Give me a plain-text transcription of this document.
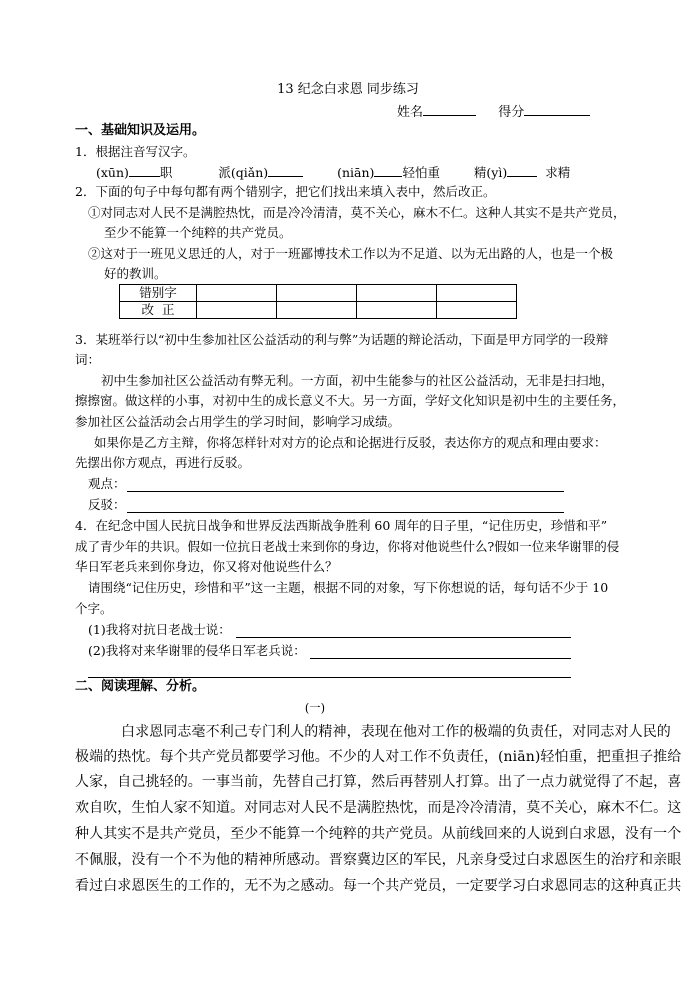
13 纪念白求恩 同步练习
姓名	得分
一、基础知识及运用。
1．根据注音写汉字。
(xūn) 职	派(qiǎn)	(niān) 轻怕重	精(yì)	求精
2．下面的句子中每句都有两个错别字，把它们找出来填入表中，然后改正。
①对同志对人民不是满腔热忱，而是冷冷清清，莫不关心，麻木不仁。这种人其实不是共产党员，
至少不能算一个纯粹的共产党员。
②这对于一班见义思迁的人，对于一班鄙博技术工作以为不足道、以为无出路的人，也是一个极
好的教训。
错别字				
改  正				
3．某班举行以“初中生参加社区公益活动的利与弊”为话题的辩论活动，下面是甲方同学的一段辩
词：
初中生参加社区公益活动有弊无利。一方面，初中生能参与的社区公益活动，无非是扫扫地，
擦擦窗。做这样的小事，对初中生的成长意义不大。另一方面，学好文化知识是初中生的主要任务，
参加社区公益活动会占用学生的学习时间，影响学习成绩。
如果你是乙方主辩，你将怎样针对对方的论点和论据进行反驳，表达你方的观点和理由要求：
先摆出你方观点，再进行反驳。
观点：
反驳：
4．在纪念中国人民抗日战争和世界反法西斯战争胜利 60 周年的日子里，“记住历史，珍惜和平”
成了青少年的共识。假如一位抗日老战士来到你的身边，你将对他说些什么?假如一位来华谢罪的侵
华日军老兵来到你身边，你又将对他说些什么？
请围绕“记住历史，珍惜和平”这一主题，根据不同的对象，写下你想说的话，每句话不少于 10
个字。
(1)我将对抗日老战士说：
(2)我将对来华谢罪的侵华日军老兵说：
二、阅读理解、分析。
(一)
白求恩同志毫不利己专门利人的精神，表现在他对工作的极端的负责任，对同志对人民的
极端的热忱。每个共产党员都要学习他。不少的人对工作不负责任，(niān)轻怕重，把重担子推给
人家，自己挑轻的。一事当前，先替自己打算，然后再替别人打算。出了一点力就觉得了不起，喜
欢自吹，生怕人家不知道。对同志对人民不是满腔热忱，而是冷冷清清，莫不关心，麻木不仁。这
种人其实不是共产党员，至少不能算一个纯粹的共产党员。从前线回来的人说到白求恩，没有一个
不佩服，没有一个不为他的精神所感动。晋察冀边区的军民，凡亲身受过白求恩医生的治疗和亲眼
看过白求恩医生的工作的，无不为之感动。每一个共产党员，一定要学习白求恩同志的这种真正共
